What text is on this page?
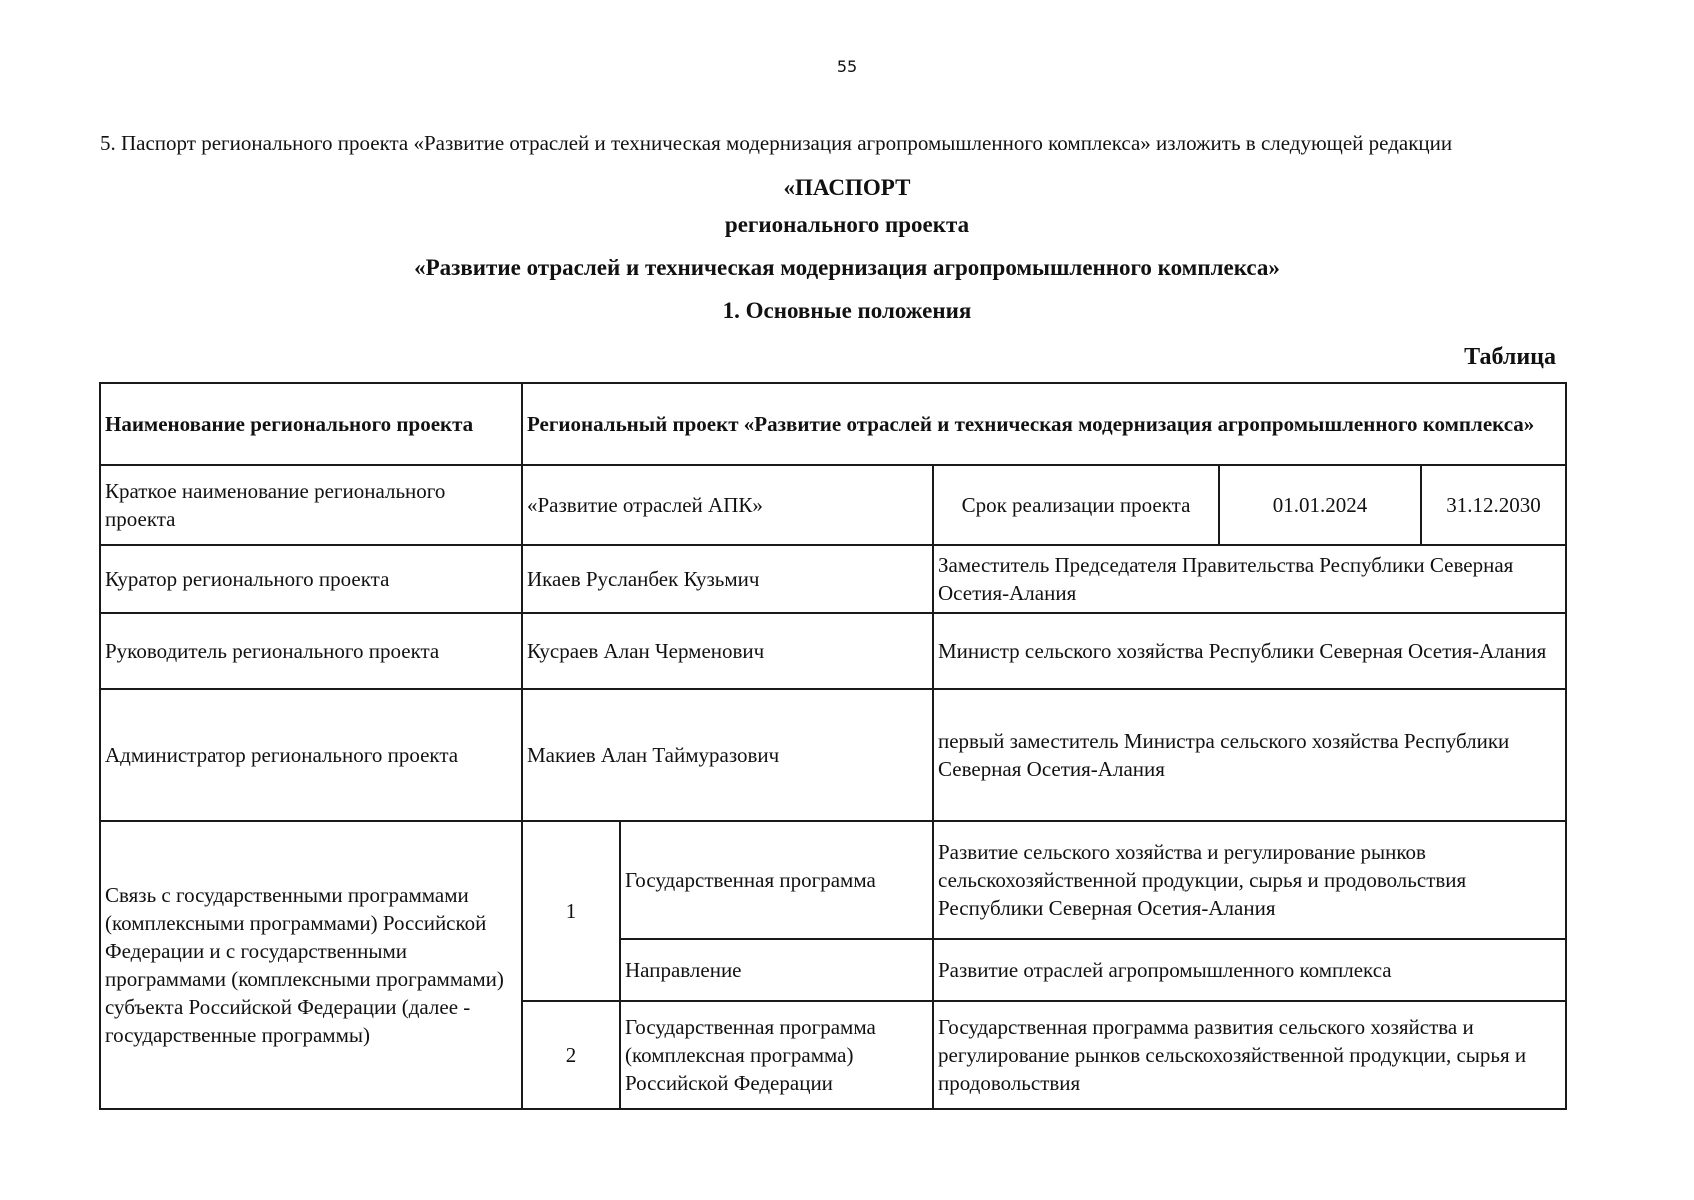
55
5. Паспорт регионального проекта «Развитие отраслей и техническая модернизация агропромышленного комплекса» изложить в следующей редакции
«ПАСПОРТ
регионального проекта
«Развитие отраслей и техническая модернизация агропромышленного комплекса»
1. Основные положения
Таблица
Наименование регионального проекта	Региональный проект «Развитие отраслей и техническая модернизация агропромышленного комплекса»				
Краткое наименование регионального проекта	«Развитие отраслей АПК»		Срок реализации проекта	01.01.2024	31.12.2030
Куратор регионального проекта	Икаев Русланбек Кузьмич		Заместитель Председателя Правительства Республики Северная Осетия-Алания		
Руководитель регионального проекта	Кусраев Алан Черменович		Министр сельского хозяйства Республики Северная Осетия-Алания		
Администратор регионального проекта	Макиев Алан Таймуразович		первый заместитель Министра сельского хозяйства Республики Северная Осетия-Алания		
Связь с государственными программами (комплексными программами) Российской Федерации и с государственными программами (комплексными программами) субъекта Российской Федерации (далее - государственные программы)	1	Государственная программа	Развитие сельского хозяйства и регулирование рынков сельскохозяйственной продукции, сырья и продовольствия Республики Северная Осетия-Алания		
		Направление	Развитие отраслей агропромышленного комплекса		
	2	Государственная программа (комплексная программа) Российской Федерации	Государственная программа развития сельского хозяйства и регулирование рынков сельскохозяйственной продукции, сырья и продовольствия		
